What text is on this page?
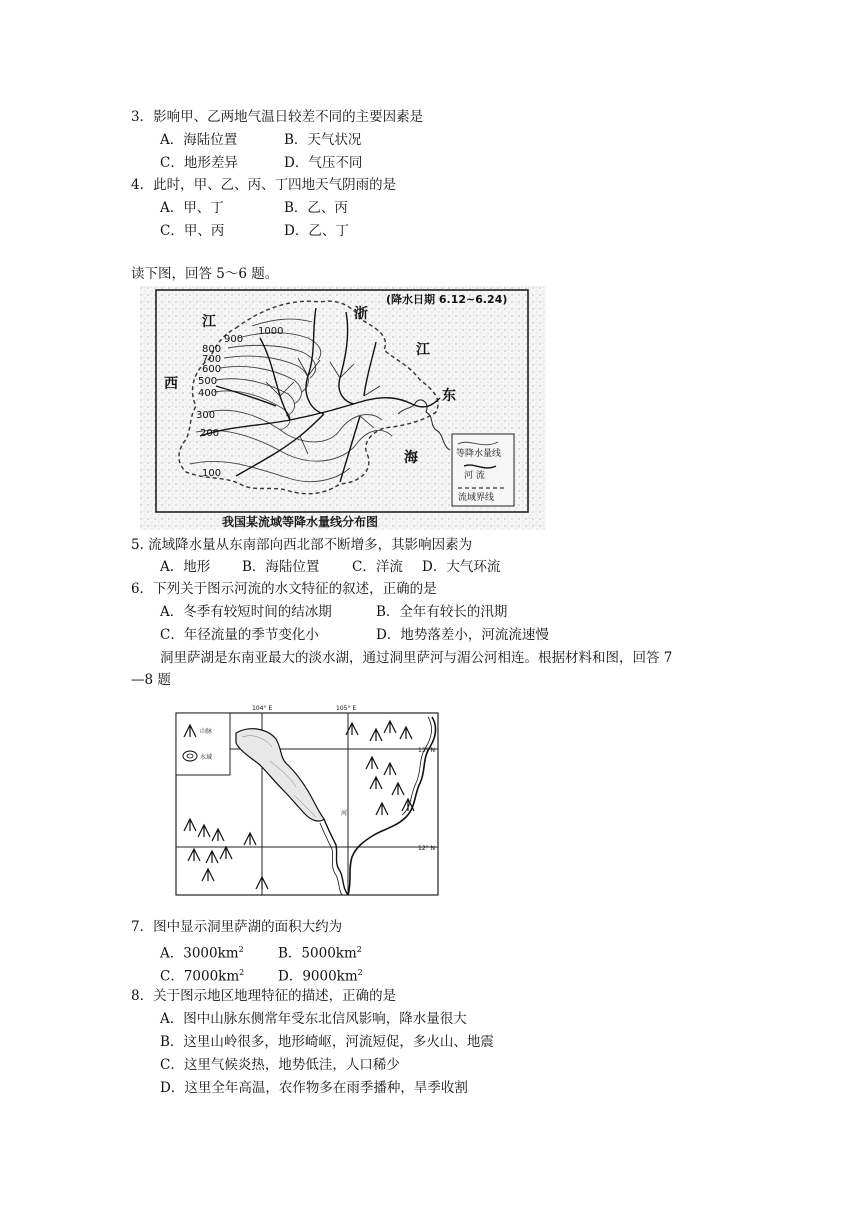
3．影响甲、乙两地气温日较差不同的主要因素是
A．海陆位置	B．天气状况
C．地形差异	D．气压不同
4．此时，甲、乙、丙、丁四地天气阴雨的是
A．甲、丁	B．乙、丙
C．甲、丙	D．乙、丁
读下图，回答 5～6 题。
(降水日期 6.12~6.24)
1000
900
800
700
600
500
400
300
200
100
江
西
浙
江
东
海	等降水量线
河 流
流域界线
我国某流域等降水量线分布图
5. 流域降水量从东南部向西北部不断增多，其影响因素为
A．地形 B．海陆位置 C．洋流 D．大气环流
6．下列关于图示河流的水文特征的叙述，正确的是
A．冬季有较短时间的结冰期	B．全年有较长的汛期
C．年径流量的季节变化小	D．地势落差小，河流流速慢
洞里萨湖是东南亚最大的淡水湖，通过洞里萨河与湄公河相连。根据材料和图，回答 7
—8 题
104° E	105° E
13° N
12° N
山脉
水域
河
7．图中显示洞里萨湖的面积大约为
A．$3000km^2$	B．$5000km^2$
C．$7000km^2$ D．$9000km^2$
8．关于图示地区地理特征的描述，正确的是
A．图中山脉东侧常年受东北信风影响，降水量很大
B．这里山岭很多，地形崎岖，河流短促，多火山、地震
C．这里气候炎热，地势低洼，人口稀少
D．这里全年高温，农作物多在雨季播种，旱季收割
